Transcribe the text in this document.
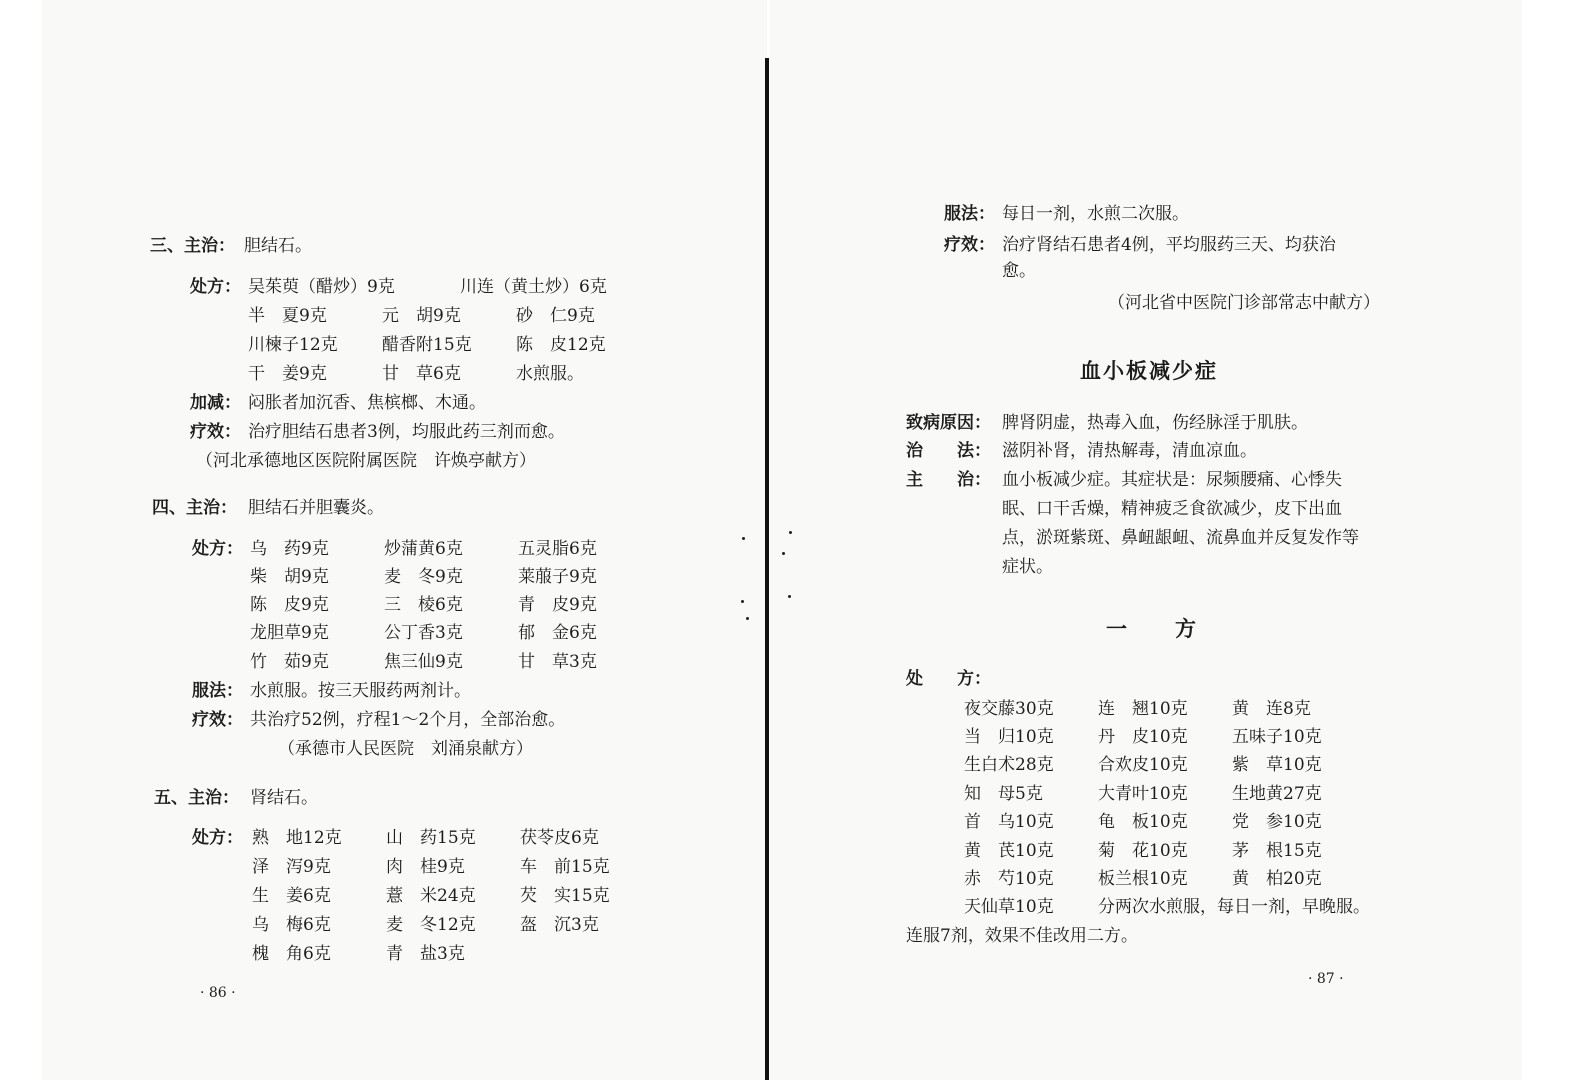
三、主治： 胆结石。
处方： 吴茱萸（醋炒）9克	川连（黄土炒）6克
半　夏9克	元　胡9克	砂　仁9克
川楝子12克	醋香附15克	陈　皮12克
干　姜9克	甘　草6克	水煎服。
加减： 闷胀者加沉香、焦槟榔、木通。
疗效： 治疗胆结石患者3例，均服此药三剂而愈。
（河北承德地区医院附属医院　许焕亭献方）
四、主治： 胆结石并胆囊炎。
处方： 乌　药9克	炒蒲黄6克	五灵脂6克
柴　胡9克	麦　冬9克	莱菔子9克
陈　皮9克	三　棱6克	青　皮9克
龙胆草9克	公丁香3克	郁　金6克
竹　茹9克	焦三仙9克	甘　草3克
服法： 水煎服。按三天服药两剂计。
疗效： 共治疗52例，疗程1～2个月，全部治愈。
（承德市人民医院　刘涌泉献方）
五、主治： 肾结石。
处方： 熟　地12克	山　药15克	茯苓皮6克
泽　泻9克	肉　桂9克	车　前15克
生　姜6克	薏　米24克	芡　实15克
乌　梅6克	麦　冬12克	盔　沉3克
槐　角6克	青　盐3克
· 86 ·
服法： 每日一剂，水煎二次服。
疗效： 治疗肾结石患者4例，平均服药三天、均获治
愈。
（河北省中医院门诊部常志中献方）
血小板减少症
致病原因： 脾肾阴虚，热毒入血，伤经脉淫于肌肤。
治　　法： 滋阴补肾，清热解毒，清血凉血。
主　　治： 血小板减少症。其症状是：尿频腰痛、心悸失
眠、口干舌燥，精神疲乏食欲减少，皮下出血
点，淤斑紫斑、鼻衄龈衄、流鼻血并反复发作等
症状。
一　　方
处　　方：
夜交藤30克	连　翘10克	黄　连8克
当　归10克	丹　皮10克	五味子10克
生白术28克	合欢皮10克	紫　草10克
知　母5克	大青叶10克	生地黄27克
首　乌10克	龟　板10克	党　参10克
黄　芪10克	菊　花10克	茅　根15克
赤　芍10克	板兰根10克	黄　柏20克
天仙草10克	分两次水煎服，每日一剂，早晚服。
连服7剂，效果不佳改用二方。
· 87 ·
